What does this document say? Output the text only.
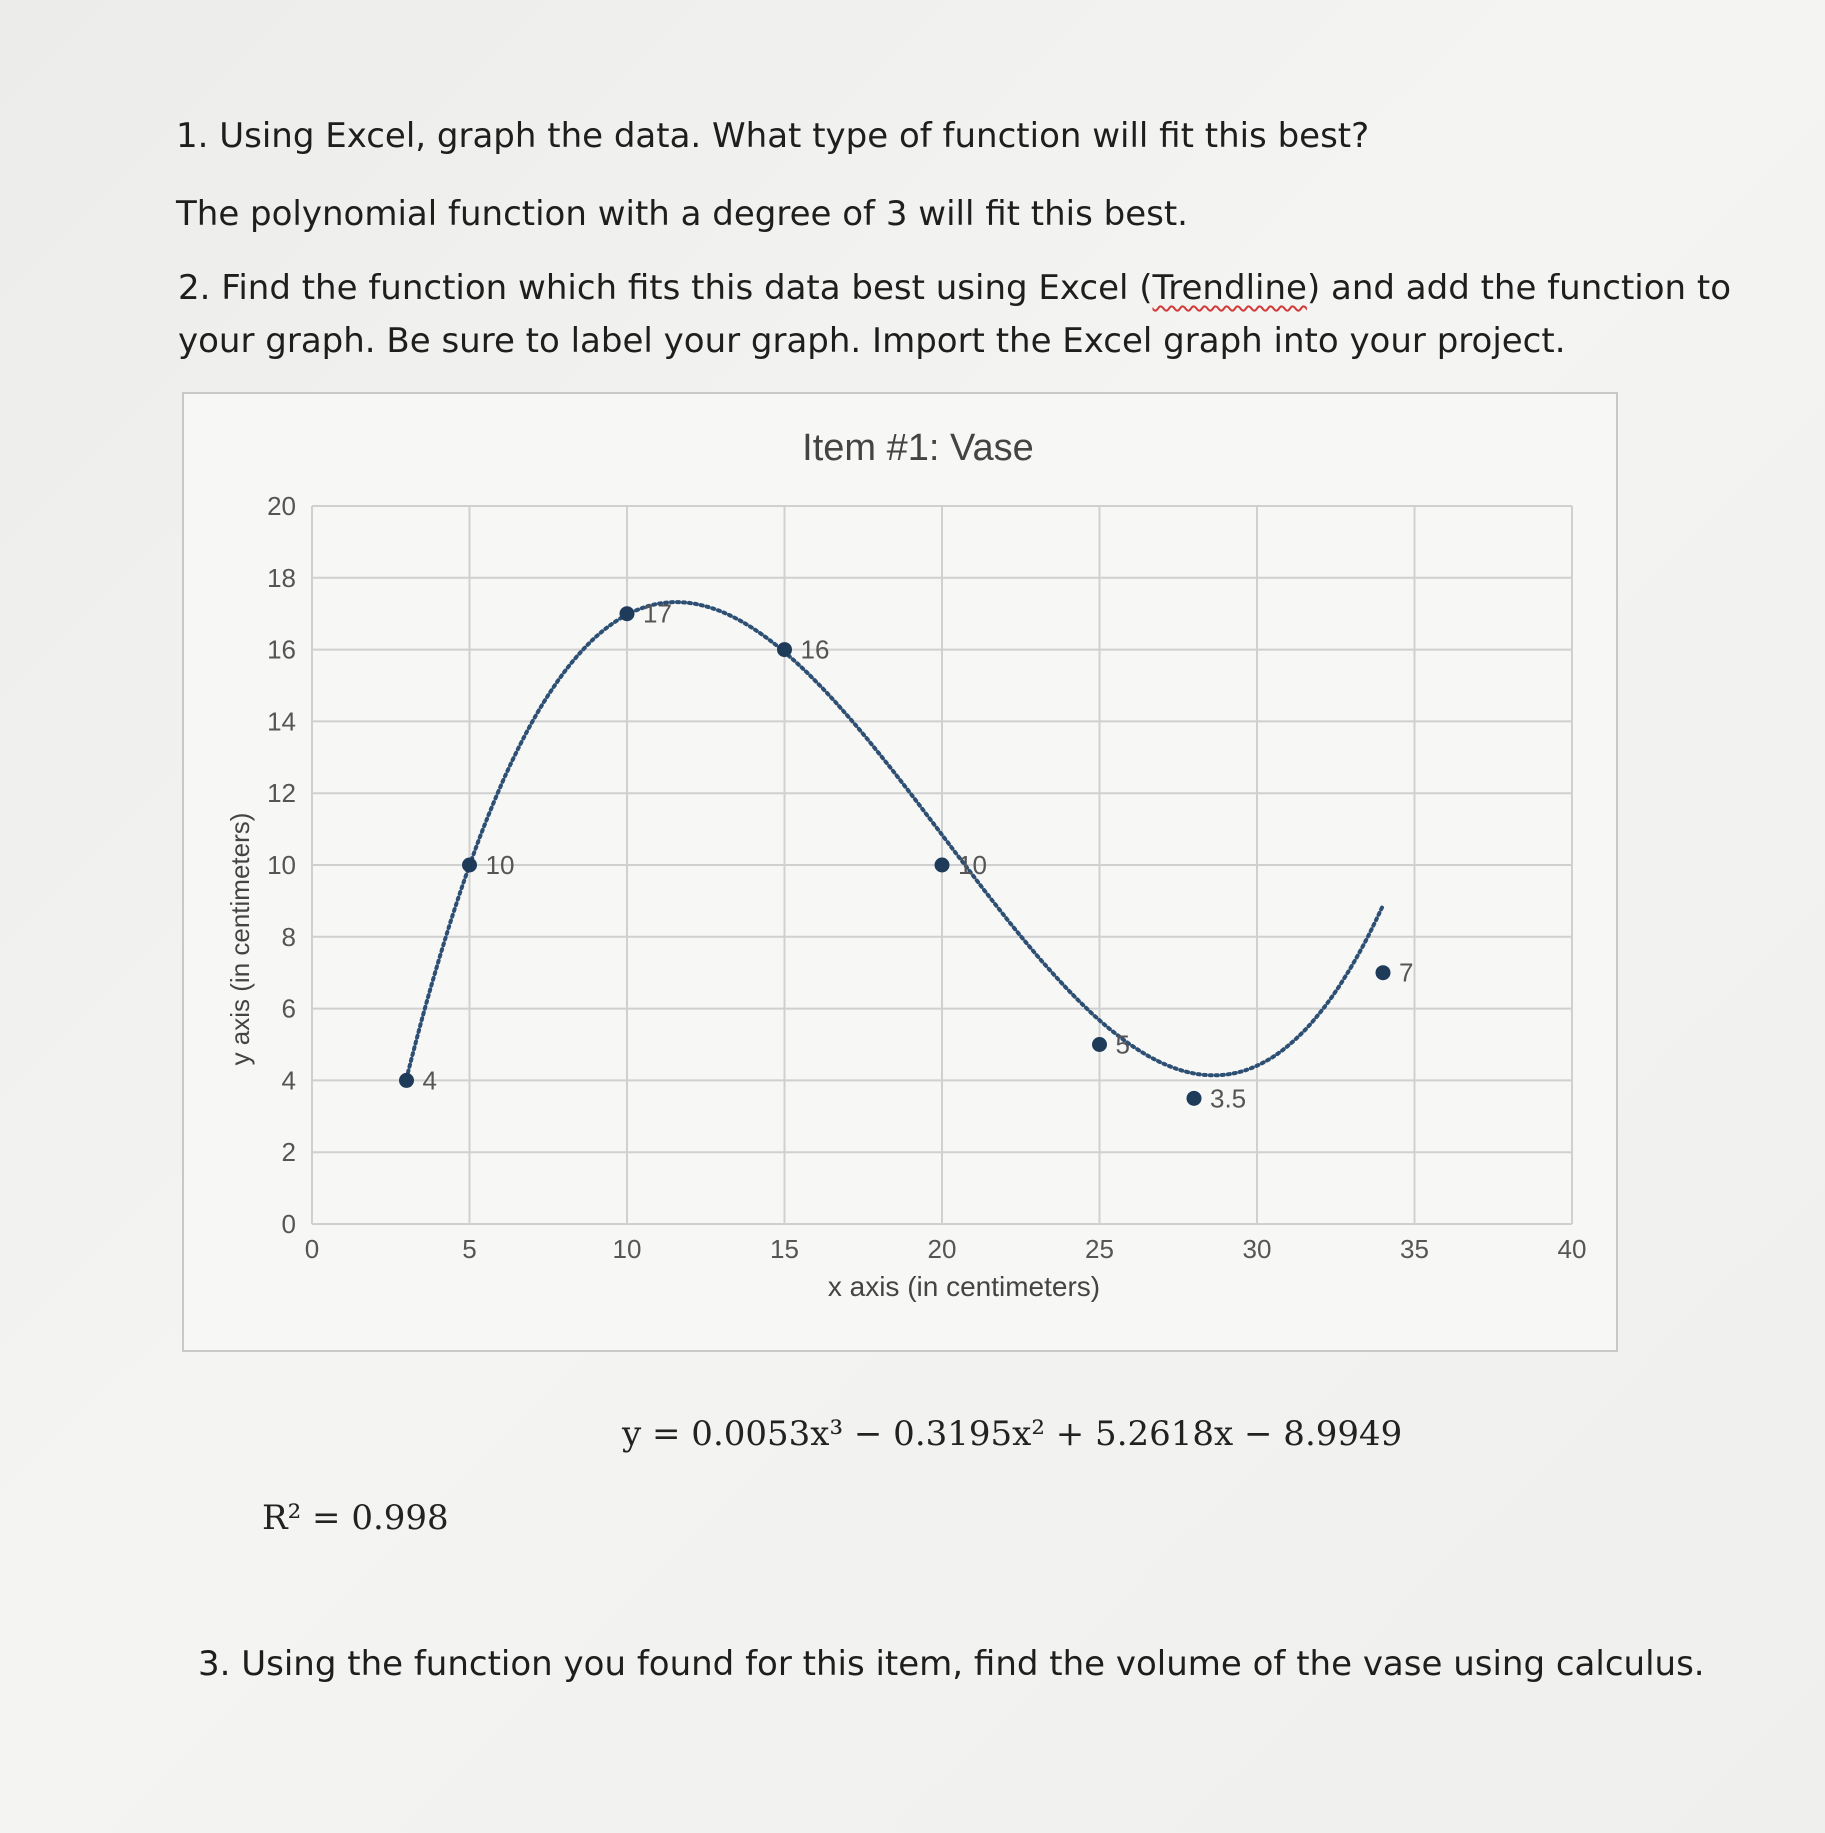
1. Using Excel, graph the data. What type of function will fit this best?

The polynomial function with a degree of 3 will fit this best.

2. Find the function which fits this data best using Excel (Trendline) and add the function to

your graph. Be sure to label your graph. Import the Excel graph into your project.

Item #1: Vase
0	5	10	15	20	25	30	35	40
0
2
4
6
8
10
12
14
16
18
20
4
10
17
16
10
5
3.5
7
x axis (in centimeters)
y axis (in centimeters)
y = 0.0053x³ − 0.3195x² + 5.2618x − 8.9949
R² = 0.998

3. Using the function you found for this item, find the volume of the vase using calculus.
